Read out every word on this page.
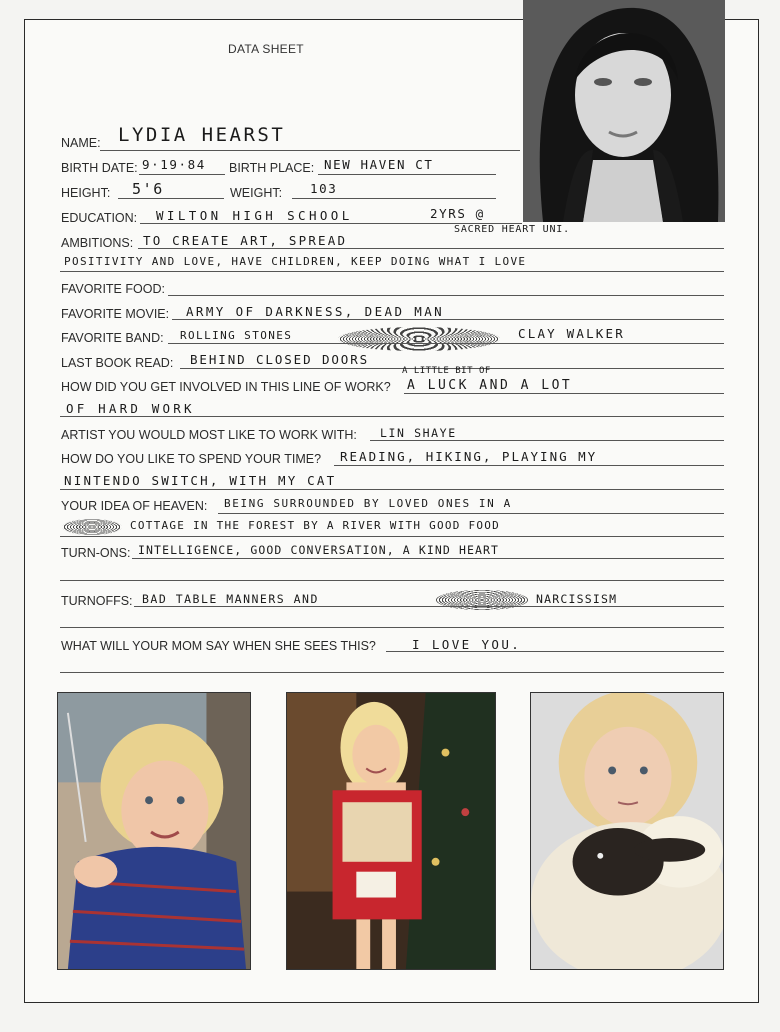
DATA SHEET
NAME: LYDIA HEARST
BIRTH DATE: 9·19·84 BIRTH PLACE: NEW HAVEN CT
HEIGHT: 5'6	WEIGHT: 103
EDUCATION: WILTON HIGH SCHOOL	2YRS @
SACRED HEART UNI.
AMBITIONS: TO CREATE ART, SPREAD
POSITIVITY AND LOVE, HAVE CHILDREN, KEEP DOING WHAT I LOVE
FAVORITE FOOD:
FAVORITE MOVIE: ARMY OF DARKNESS, DEAD MAN
FAVORITE BAND: ROLLING STONES	CLAY WALKER
LAST BOOK READ: BEHIND CLOSED DOORS
HOW DID YOU GET INVOLVED IN THIS LINE OF WORK?
A LITTLE BIT OF
A LUCK AND A LOT
OF HARD WORK
ARTIST YOU WOULD MOST LIKE TO WORK WITH: LIN SHAYE
HOW DO YOU LIKE TO SPEND YOUR TIME? READING, HIKING, PLAYING MY
NINTENDO SWITCH, WITH MY CAT
YOUR IDEA OF HEAVEN: BEING SURROUNDED BY LOVED ONES IN A
COTTAGE IN THE FOREST BY A RIVER WITH GOOD FOOD
TURN-ONS: INTELLIGENCE, GOOD CONVERSATION, A KIND HEART
TURNOFFS: BAD TABLE MANNERS AND	NARCISSISM
WHAT WILL YOUR MOM SAY WHEN SHE SEES THIS?	I LOVE YOU.
